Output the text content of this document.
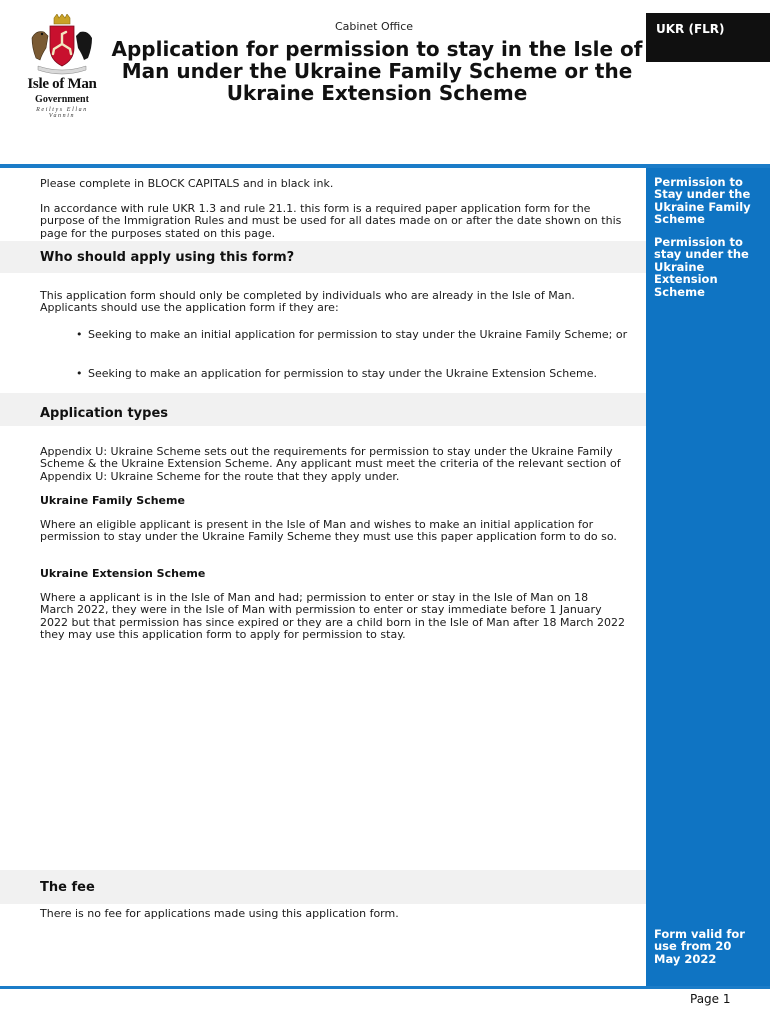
Isle of Man
Government
Reiltys Ellan Vannin
Cabinet Office
Application for permission to stay in the Isle of Man under the Ukraine Family Scheme or the Ukraine Extension Scheme
UKR (FLR)
Permission to Stay under the Ukraine Family Scheme
Permission to stay under the Ukraine Extension Scheme
Form valid for use from 20 May 2022
Please complete in BLOCK CAPITALS and in black ink.
In accordance with rule UKR 1.3 and rule 21.1. this form is a required paper application form for the purpose of the Immigration Rules and must be used for all dates made on or after the date shown on this page for the purposes stated on this page.
Who should apply using this form?
This application form should only be completed by individuals who are already in the Isle of Man. Applicants should use the application form if they are:
• Seeking to make an initial application for permission to stay under the Ukraine Family Scheme; or
• Seeking to make an application for permission to stay under the Ukraine Extension Scheme.
Application types
Appendix U: Ukraine Scheme sets out the requirements for permission to stay under the Ukraine Family Scheme & the Ukraine Extension Scheme. Any applicant must meet the criteria of the relevant section of Appendix U: Ukraine Scheme for the route that they apply under.
Ukraine Family Scheme
Where an eligible applicant is present in the Isle of Man and wishes to make an initial application for permission to stay under the Ukraine Family Scheme they must use this paper application form to do so.
Ukraine Extension Scheme
Where a applicant is in the Isle of Man and had; permission to enter or stay in the Isle of Man on 18 March 2022, they were in the Isle of Man with permission to enter or stay immediate before 1 January 2022 but that permission has since expired or they are a child born in the Isle of Man after 18 March 2022 they may use this application form to apply for permission to stay.
The fee
There is no fee for applications made using this application form.
Page 1
